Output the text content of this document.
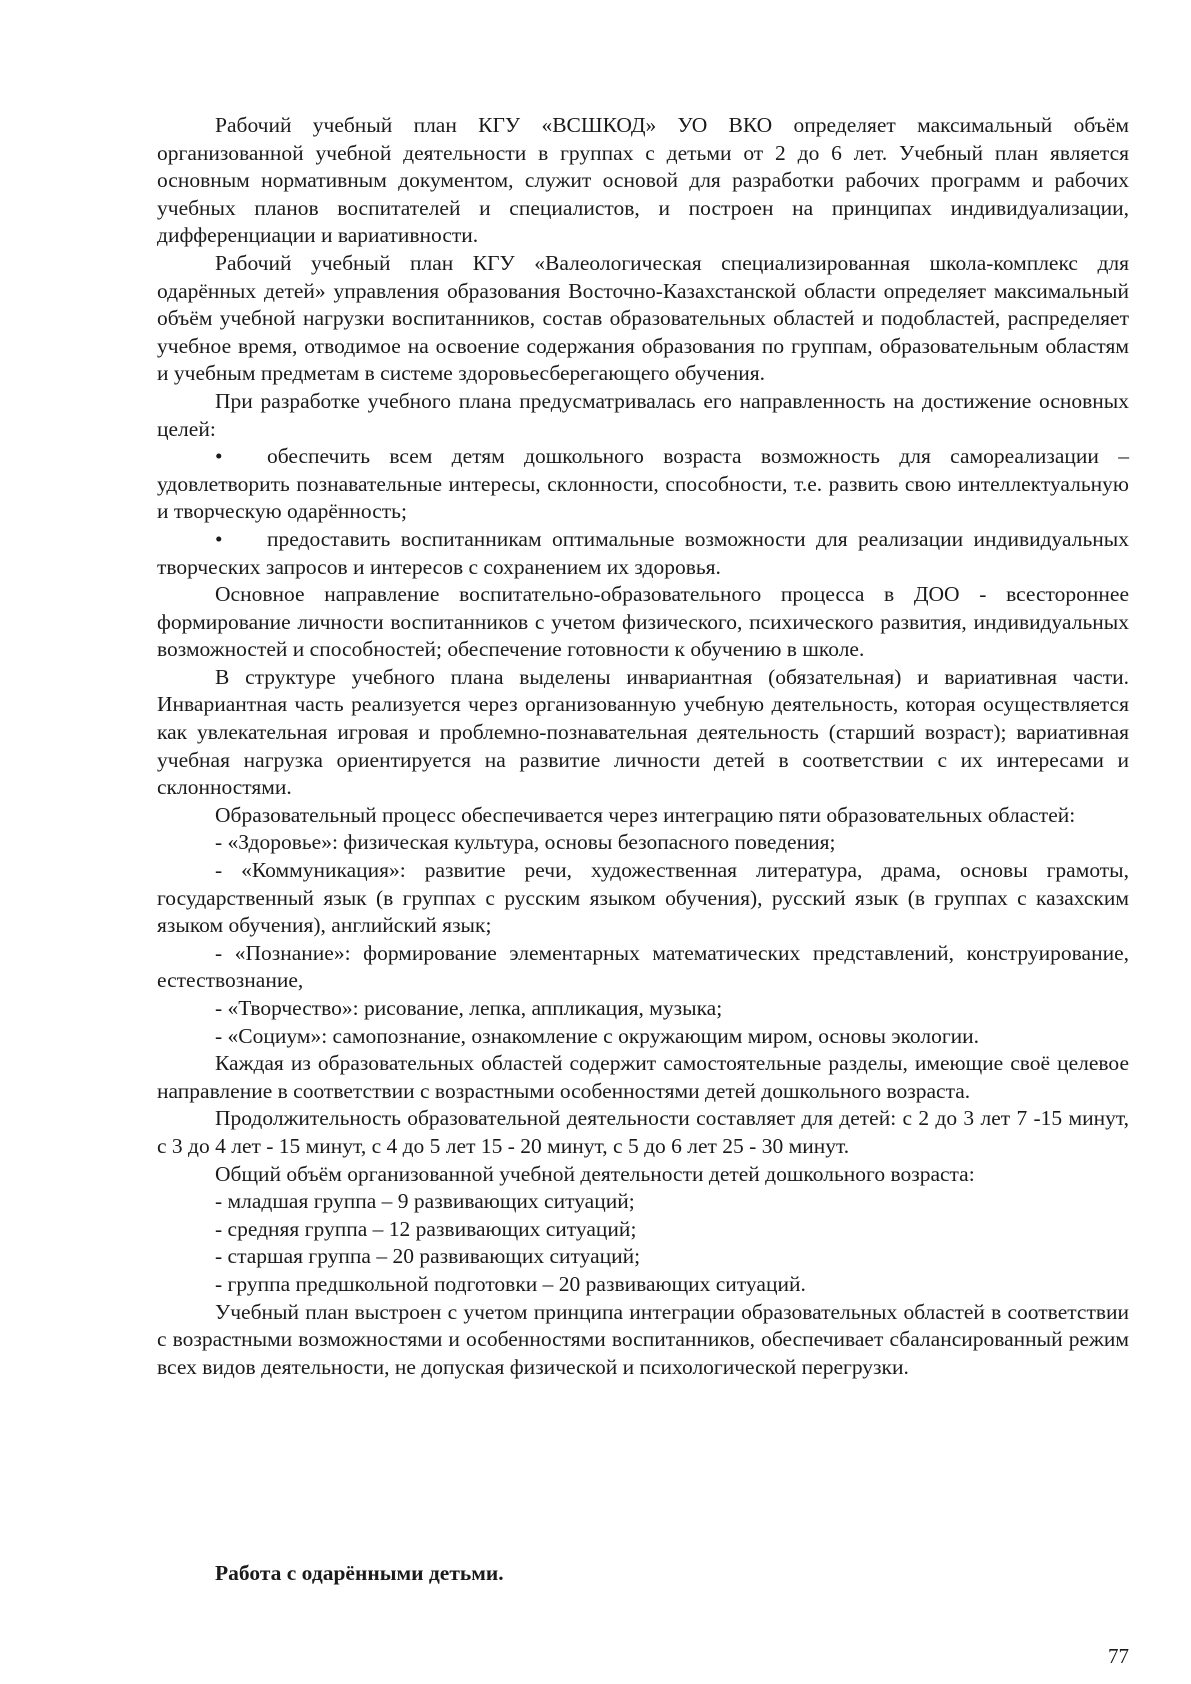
Рабочий учебный план КГУ «ВСШКОД» УО ВКО определяет максимальный объём организованной учебной деятельности в группах с детьми от 2 до 6 лет. Учебный план является основным нормативным документом, служит основой для разработки рабочих программ и рабочих учебных планов воспитателей и специалистов, и построен на принципах индивидуализации, дифференциации и вариативности.

Рабочий учебный план КГУ «Валеологическая специализированная школа-комплекс для одарённых детей» управления образования Восточно-Казахстанской области определяет максимальный объём учебной нагрузки воспитанников, состав образовательных областей и подобластей, распределяет учебное время, отводимое на освоение содержания образования по группам, образовательным областям и учебным предметам в системе здоровьесберегающего обучения.

При разработке учебного плана предусматривалась его направленность на достижение основных целей:

• обеспечить всем детям дошкольного возраста возможность для самореализации – удовлетворить познавательные интересы, склонности, способности, т.е. развить свою интеллектуальную и творческую одарённость;

• предоставить воспитанникам оптимальные возможности для реализации индивидуальных творческих запросов и интересов с сохранением их здоровья.

Основное направление воспитательно-образовательного процесса в ДОО - всестороннее формирование личности воспитанников с учетом физического, психического развития, индивидуальных возможностей и способностей; обеспечение готовности к обучению в школе.

В структуре учебного плана выделены инвариантная (обязательная) и вариативная части. Инвариантная часть реализуется через организованную учебную деятельность, которая осуществляется как увлекательная игровая и проблемно-познавательная деятельность (старший возраст); вариативная учебная нагрузка ориентируется на развитие личности детей в соответствии с их интересами и склонностями.

Образовательный процесс обеспечивается через интеграцию пяти образовательных областей:

- «Здоровье»: физическая культура, основы безопасного поведения;

- «Коммуникация»: развитие речи, художественная литература, драма, основы грамоты, государственный язык (в группах с русским языком обучения), русский язык (в группах с казахским языком обучения), английский язык;

- «Познание»: формирование элементарных математических представлений, конструирование, естествознание,

- «Творчество»: рисование, лепка, аппликация, музыка;

- «Социум»: самопознание, ознакомление с окружающим миром, основы экологии.

Каждая из образовательных областей содержит самостоятельные разделы, имеющие своё целевое направление в соответствии с возрастными особенностями детей дошкольного возраста.

Продолжительность образовательной деятельности составляет для детей: с 2 до 3 лет 7 -15 минут, с 3 до 4 лет - 15 минут, с 4 до 5 лет 15 - 20 минут, с 5 до 6 лет 25 - 30 минут.

Общий объём организованной учебной деятельности детей дошкольного возраста:

- младшая группа – 9 развивающих ситуаций;

- средняя группа – 12 развивающих ситуаций;

- старшая группа – 20 развивающих ситуаций;

- группа предшкольной подготовки – 20 развивающих ситуаций.

Учебный план выстроен с учетом принципа интеграции образовательных областей в соответствии с возрастными возможностями и особенностями воспитанников, обеспечивает сбалансированный режим всех видов деятельности, не допуская физической и психологической перегрузки.

Работа с одарёнными детьми.
77
